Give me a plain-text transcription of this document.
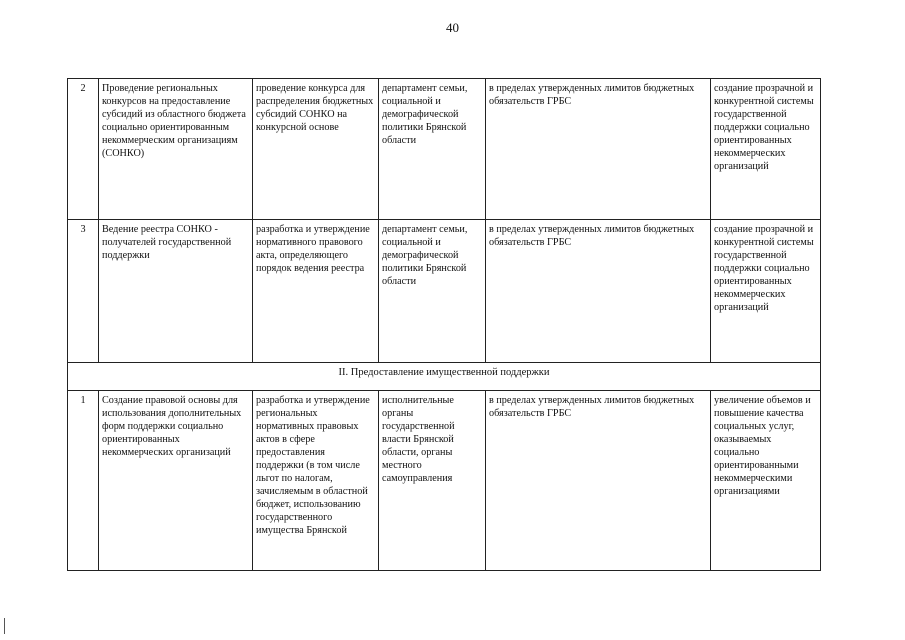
40
2	Проведение региональных конкурсов на предоставление субсидий из областного бюджета социально ориентированным некоммерческим организациям (СОНКО)	проведение конкурса для распределения бюджетных субсидий СОНКО на конкурсной основе	департамент семьи, социальной и демографической политики Брянской области	в пределах утвержденных лимитов бюджетных обязательств ГРБС	создание прозрачной и конкурентной системы государственной поддержки социально ориентированных некоммерческих организаций
3	Ведение реестра СОНКО - получателей государственной поддержки	разработка и утверждение нормативного правового акта, определяющего порядок ведения реестра	департамент семьи, социальной и демографической политики Брянской области	в пределах утвержденных лимитов бюджетных обязательств ГРБС	создание прозрачной и конкурентной системы государственной поддержки социально ориентированных некоммерческих организаций
II. Предоставление имущественной поддержки					
1	Создание правовой основы для использования дополнительных форм поддержки социально ориентированных некоммерческих организаций	разработка и утверждение региональных нормативных правовых актов в сфере предоставления поддержки (в том числе льгот по налогам, зачисляемым в областной бюджет, использованию государственного имущества Брянской	исполнительные органы государственной власти Брянской области, органы местного самоуправления	в пределах утвержденных лимитов бюджетных обязательств ГРБС	увеличение объемов и повышение качества социальных услуг, оказываемых социально ориентированными некоммерческими организациями
